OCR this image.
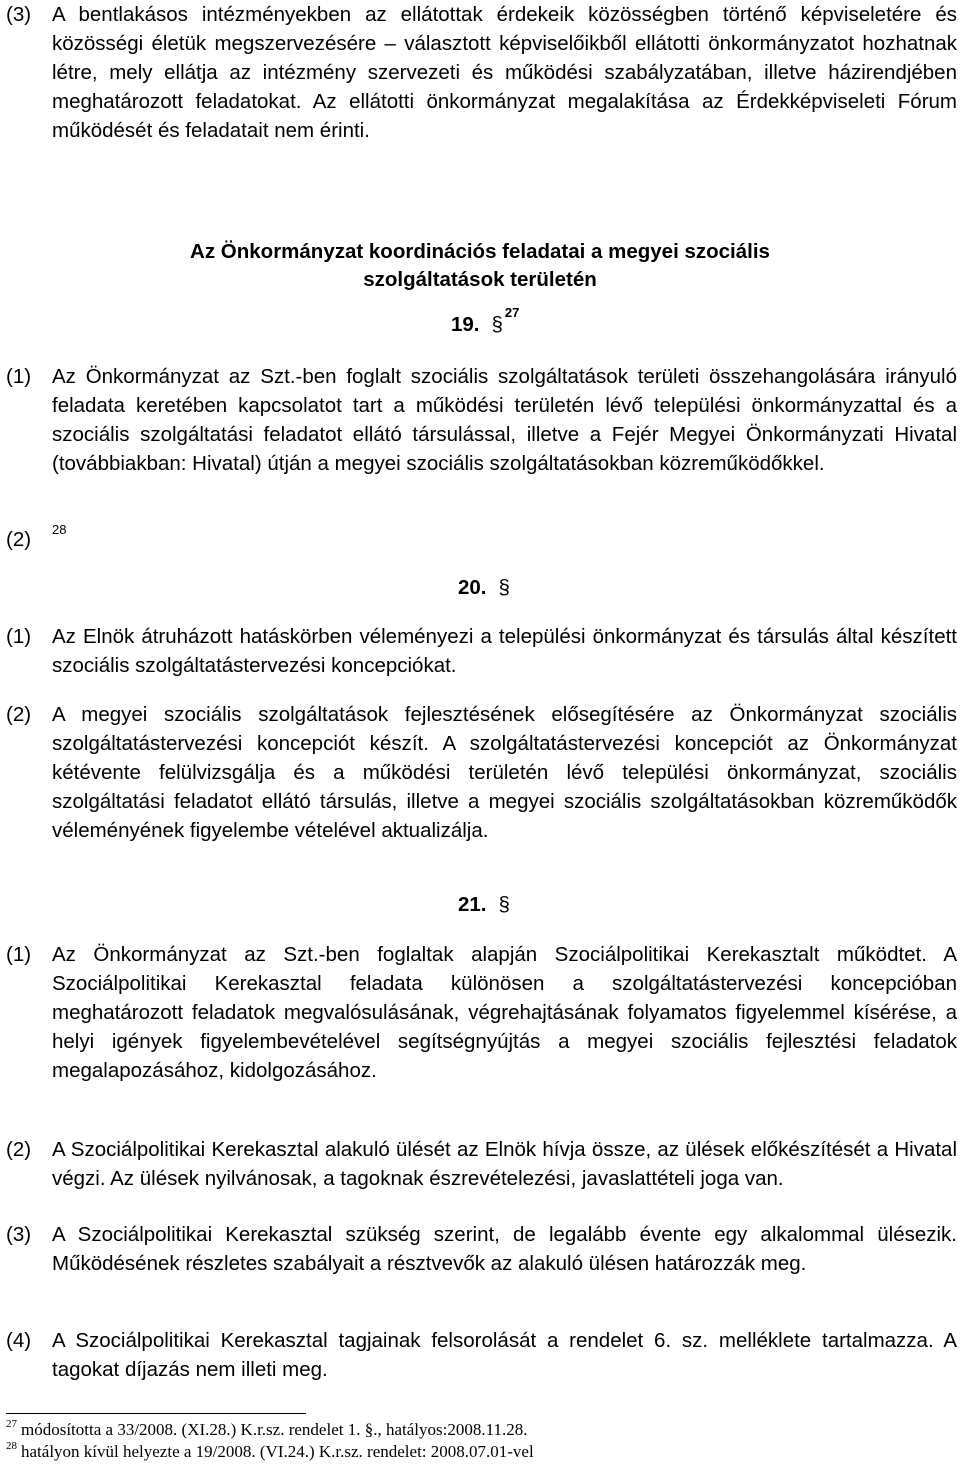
(3) A bentlakásos intézményekben az ellátottak érdekeik közösségben történő képviseletére és közösségi életük megszervezésére – választott képviselőikből ellátotti önkormányzatot hozhatnak létre, mely ellátja az intézmény szervezeti és működési szabályzatában, illetve házirendjében meghatározott feladatokat. Az ellátotti önkormányzat megalakítása az Érdekképviseleti Fórum működését és feladatait nem érinti.
Az Önkormányzat koordinációs feladatai a megyei szociális szolgáltatások területén
19. §$^{27}$
(1) Az Önkormányzat az Szt.-ben foglalt szociális szolgáltatások területi összehangolására irányuló feladata keretében kapcsolatot tart a működési területén lévő települési önkormányzattal és a szociális szolgáltatási feladatot ellátó társulással, illetve a Fejér Megyei Önkormányzati Hivatal (továbbiakban: Hivatal) útján a megyei szociális szolgáltatásokban közreműködőkkel.
(2) 28
20. §
(1) Az Elnök átruházott hatáskörben véleményezi a települési önkormányzat és társulás által készített szociális szolgáltatástervezési koncepciókat.
(2) A megyei szociális szolgáltatások fejlesztésének elősegítésére az Önkormányzat szociális szolgáltatástervezési koncepciót készít. A szolgáltatástervezési koncepciót az Önkormányzat kétévente felülvizsgálja és a működési területén lévő települési önkormányzat, szociális szolgáltatási feladatot ellátó társulás, illetve a megyei szociális szolgáltatásokban közreműködők véleményének figyelembe vételével aktualizálja.
21. §
(1) Az Önkormányzat az Szt.-ben foglaltak alapján Szociálpolitikai Kerekasztalt működtet. A Szociálpolitikai Kerekasztal feladata különösen a szolgáltatástervezési koncepcióban meghatározott feladatok megvalósulásának, végrehajtásának folyamatos figyelemmel kísérése, a helyi igények figyelembevételével segítségnyújtás a megyei szociális fejlesztési feladatok megalapozásához, kidolgozásához.
(2) A Szociálpolitikai Kerekasztal alakuló ülését az Elnök hívja össze, az ülések előkészítését a Hivatal végzi. Az ülések nyilvánosak, a tagoknak észrevételezési, javaslattételi joga van.
(3) A Szociálpolitikai Kerekasztal szükség szerint, de legalább évente egy alkalommal ülésezik. Működésének részletes szabályait a résztvevők az alakuló ülésen határozzák meg.
(4) A Szociálpolitikai Kerekasztal tagjainak felsorolását a rendelet 6. sz. melléklete tartalmazza. A tagokat díjazás nem illeti meg.
$^{27}$ módosította a 33/2008. (XI.28.) K.r.sz. rendelet 1. §., hatályos:2008.11.28.
$^{28}$ hatályon kívül helyezte a 19/2008. (VI.24.) K.r.sz. rendelet: 2008.07.01-vel
